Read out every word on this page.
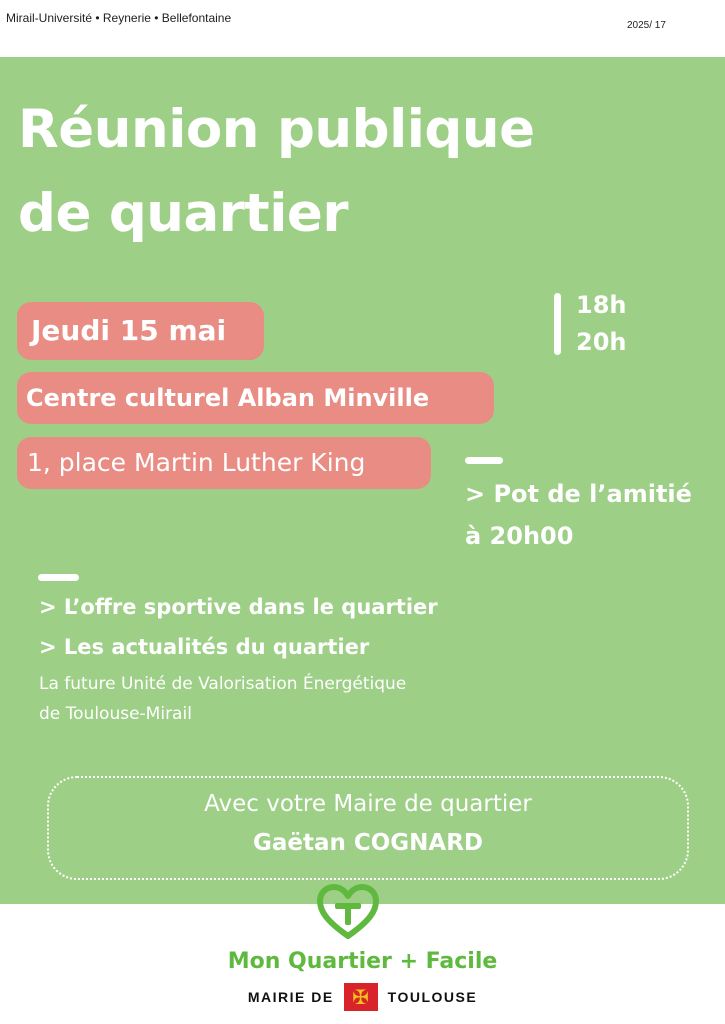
Mirail-Université • Reynerie • Bellefontaine
2025/ 17
Réunion publique
de quartier
Jeudi 15 mai
Centre culturel Alban Minville
1, place Martin Luther King
18h
20h
> Pot de l’amitié
à 20h00
> L’offre sportive dans le quartier
> Les actualités du quartier
La future Unité de Valorisation Énergétique
de Toulouse-Mirail
Avec votre Maire de quartier
Gaëtan COGNARD
Mon Quartier + Facile
MAIRIE DE ✠	TOULOUSE
